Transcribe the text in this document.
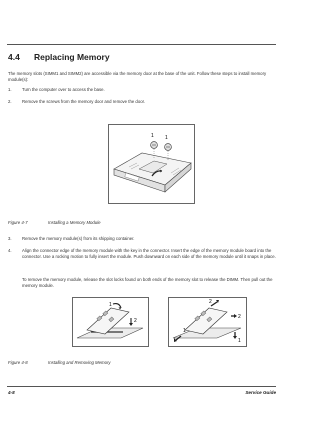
4.4 Replacing Memory
The memory slots (SIMM1 and SIMM2) are accessible via the memory door at the base of the unit. Follow these steps to install memory module(s):
1. Turn the computer over to access the base.
2. Remove the screws from the memory door and remove the door.
1 1
Figure 4-7	Installing a Memory Module
3. Remove the memory module(s) from its shipping container.
4. Align the connector edge of the memory module with the key in the connector. Insert the edge of the memory module board into the connector. Use a rocking motion to fully insert the module. Push downward on each side of the memory module until it snaps in place.
To remove the memory module, release the slot locks found on both ends of the memory slot to release the DIMM. Then pull out the memory module.
1
2
2
2
1
1
Figure 4-8	Installing and Removing Memory
4-8	Service Guide
